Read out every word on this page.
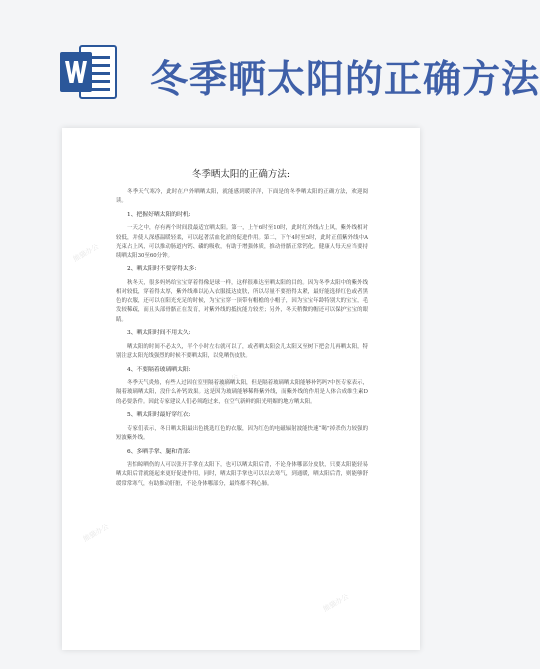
冬季晒太阳的正确方法
熊猫办公
熊猫办公
熊猫办公
熊猫办公
冬季晒太阳的正确方法:

冬季天气寒冷，此时在户外晒晒太阳，就能感到暖洋洋，下面是的冬季晒太阳的正确方法，欢迎阅读。

1、把握好晒太阳的时机:

一天之中，存有两个时间段最适宜晒太阳。第一，上午6时至10时，此时红外线占上风，紫外线相对较低，并使人深感温暖轻柔，可以起著活血化淤的促进作用。第二，下午4时至5时，此时正值紫外线中A光束占上风，可以推动肠道内钙、磷的吸收，有助于增强体质，推动骨骼正常钙化。健康人每天应当要持续晒太阳30至60分钟。

2、晒太阳时不要穿得太多:

秋冬天，很多妈妈给宝宝穿着得像是球一样，这样很难达至晒太阳的目的。因为冬季太阳中的紫外线相对较低，穿着得太厚，紫外线难以沁入衣服抵达皮肤，所以尽量不要捂得太紧，最好能选择红色或者黑色的衣服，还可以在阳光充足的时候，为宝宝穿一顶带有帽檐的小帽子，因为宝宝年龄特别大的宝宝，毛发较稀疏，而且头部骨骼正在发育，对紫外线的抵抗能力较差；另外，冬天稍微的帽还可以保护宝宝的眼睛。

3、晒太阳时间不用太久:

晒太阳的时间不必太久，半个小时左右就可以了，或者晒太阳会儿太阳又至树下把会儿再晒太阳，特别注意太阳光线强烈的时候不要晒太阳，以免晒伤皮肤。

4、不要隔着玻璃晒太阳:

冬季天气炎热，有些人过因在室里隔着玻璃晒太阳，但是隔着玻璃晒太阳能够补钙吗?中医专家表示，隔着玻璃晒太阳，没什么补钙效果。这是因为玻璃能够稀释紫外线，而紫外线的作用是人体合成维生素D的必要条件。因此专家建议人们必须跑过来，在空气新鲜的阳光明媚的地方晒太阳。

5、晒太阳时最好穿红衣:

专家们表示，冬日晒太阳最出色挑选红色的衣服，因为红色的电磁辐射波能快速“喝”掉杀伤力较强的短波紫外线。

6、多晒手掌、腿和背部:

害怕晾晒伤的人可以张开手掌在太阳下，也可以晒太阳后背，不论身体哪部分皮肤，只要太阳能轻易晒太阳后背就能起来更好促进作用，同时，晒太阳手掌也可以以去寒气，到通暖，晒太阳后背，则能够舒缓常常寒气，有助推动肝脏，不论身体哪部分，最终都不利心肺。
